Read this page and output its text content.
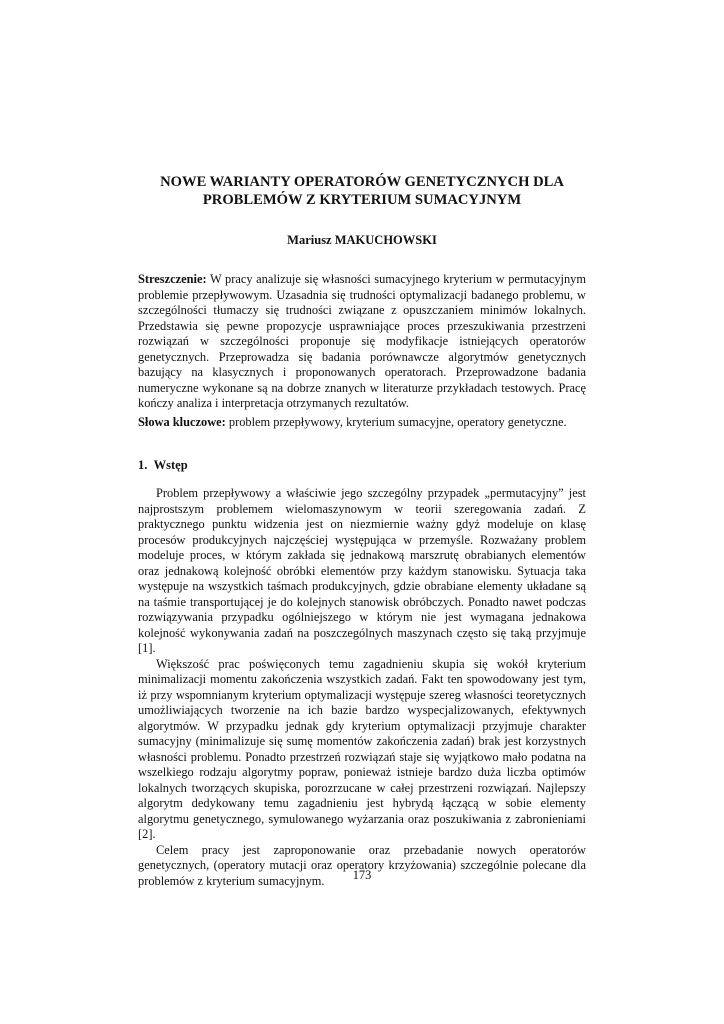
NOWE WARIANTY OPERATORÓW GENETYCZNYCH DLA
PROBLEMÓW Z KRYTERIUM SUMACYJNYM
Mariusz MAKUCHOWSKI
Streszczenie: W pracy analizuje się własności sumacyjnego kryterium w permutacyjnym problemie przepływowym. Uzasadnia się trudności optymalizacji badanego problemu, w szczególności tłumaczy się trudności związane z opuszczaniem minimów lokalnych. Przedstawia się pewne propozycje usprawniające proces przeszukiwania przestrzeni rozwiązań w szczególności proponuje się modyfikacje istniejących operatorów genetycznych. Przeprowadza się badania porównawcze algorytmów genetycznych bazujący na klasycznych i proponowanych operatorach. Przeprowadzone badania numeryczne wykonane są na dobrze znanych w literaturze przykładach testowych. Pracę kończy analiza i interpretacja otrzymanych rezultatów.
Słowa kluczowe: problem przepływowy, kryterium sumacyjne, operatory genetyczne.
1. Wstęp

Problem przepływowy a właściwie jego szczególny przypadek „permutacyjny” jest najprostszym problemem wielomaszynowym w teorii szeregowania zadań. Z praktycznego punktu widzenia jest on niezmiernie ważny gdyż modeluje on klasę procesów produkcyjnych najczęściej występująca w przemyśle. Rozważany problem modeluje proces, w którym zakłada się jednakową marszrutę obrabianych elementów oraz jednakową kolejność obróbki elementów przy każdym stanowisku. Sytuacja taka występuje na wszystkich taśmach produkcyjnych, gdzie obrabiane elementy układane są na taśmie transportującej je do kolejnych stanowisk obróbczych. Ponadto nawet podczas rozwiązywania przypadku ogólniejszego w którym nie jest wymagana jednakowa kolejność wykonywania zadań na poszczególnych maszynach często się taką przyjmuje [1].

Większość prac poświęconych temu zagadnieniu skupia się wokół kryterium minimalizacji momentu zakończenia wszystkich zadań. Fakt ten spowodowany jest tym, iż przy wspomnianym kryterium optymalizacji występuje szereg własności teoretycznych umożliwiających tworzenie na ich bazie bardzo wyspecjalizowanych, efektywnych algorytmów. W przypadku jednak gdy kryterium optymalizacji przyjmuje charakter sumacyjny (minimalizuje się sumę momentów zakończenia zadań) brak jest korzystnych własności problemu. Ponadto przestrzeń rozwiązań staje się wyjątkowo mało podatna na wszelkiego rodzaju algorytmy popraw, ponieważ istnieje bardzo duża liczba optimów lokalnych tworzących skupiska, porozrzucane w całej przestrzeni rozwiązań. Najlepszy algorytm dedykowany temu zagadnieniu jest hybrydą łączącą w sobie elementy algorytmu genetycznego, symulowanego wyżarzania oraz poszukiwania z zabronieniami [2].

Celem pracy jest zaproponowanie oraz przebadanie nowych operatorów genetycznych, (operatory mutacji oraz operatory krzyżowania) szczególnie polecane dla problemów z kryterium sumacyjnym.	173
